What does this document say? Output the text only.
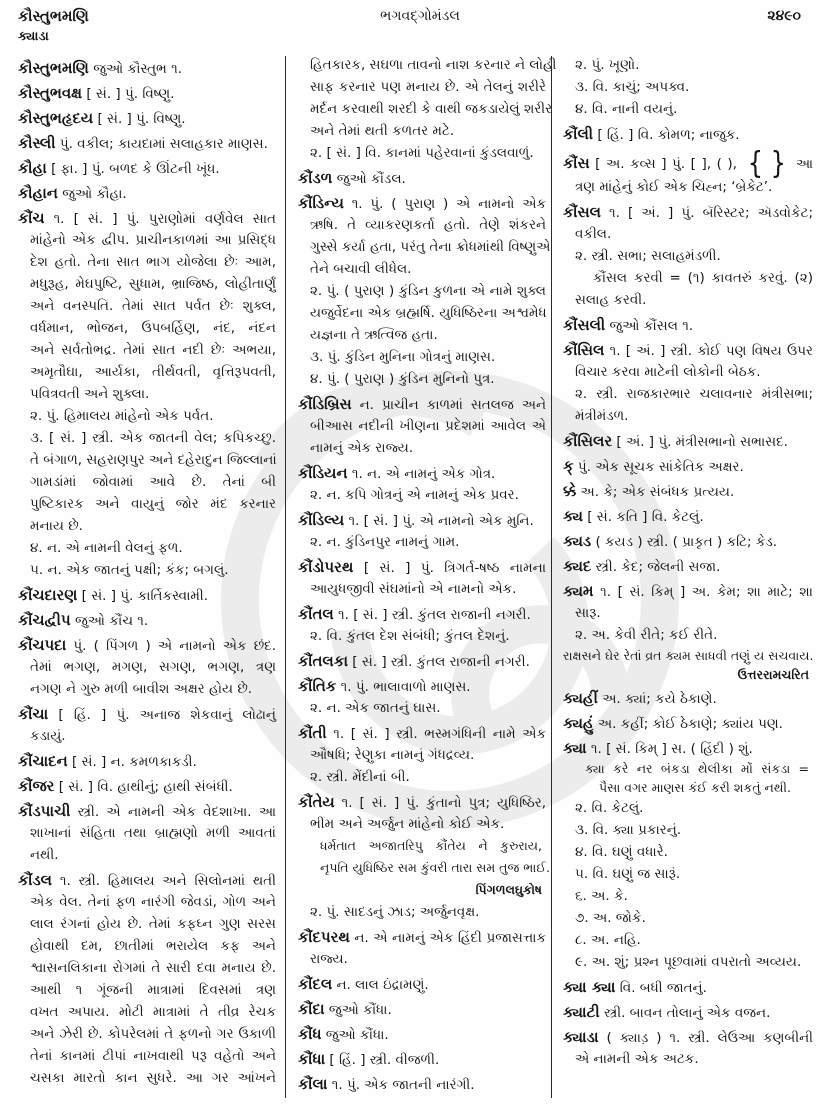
કૌસ્તુભમણિ
ક્યાડા
ભગવદ્ગોમંડલ	૨૪૯૦
કૌસ્તુભમણિ જુઓ કૌસ્તુભ ૧.
કૌસ્તુભવક્ષ [ સં. ] પું. વિષ્ણુ.
કૌસ્તુભહૃદય [ સં. ] પું. વિષ્ણુ.
કૌસ્લી પું. વકીલ; કાયદામાં સલાહકાર માણસ.
કૌહા [ ફા. ] પું. બળદ કે ઊંટની ખૂંધ.
કૌહાન જુઓ કૌહા.
કૌંચ ૧. [ સં. ] પું. પુરાણોમાં વર્ણવેલ સાત
માંહેનો એક દ્વીપ. પ્રાચીનકાળમાં આ પ્રસિદ્ધ
દેશ હતો. તેના સાત ભાગ યોજેલા છેઃ આમ,
મધુરૂહ, મેઘપુષ્ટિ, સુધામ, ભ્રાજિષ્ઠ, લોહીતાર્ણું
અને વનસ્પતિ. તેમાં સાત પર્વત છેઃ શુક્લ,
વર્ધમાન, ભોજન, ઉપબર્હિણ, નંદ, નંદન
અને સર્વતોભદ્ર. તેમાં સાત નદી છેઃ અભયા,
અમૃતૌઘા, આર્યકા, તીર્થવતી, વૃત્તિરૂપવતી,
પવિત્રવતી અને શુક્લા.
૨. પું. હિમાલય માંહેનો એક પર્વત.
૩. [ સં. ] સ્ત્રી. એક જાતની વેલ; કપિકચ્છુ.
તે બંગાળ, સહરાણપુર અને દહેરાદુન જિલ્લાનાં
ગામડાંમાં જોવામાં આવે છે. તેનાં બી
પુષ્ટિકારક અને વાયુનું જોર મંદ કરનાર
મનાય છે.
૪. ન. એ નામની વેલનું ફળ.
૫. ન. એક જાતનું પક્ષી; કંક; બગલું.
કૌંચદારણ [ સં. ] પું. કાર્તિકસ્વામી.
કૌંચદ્વીપ જુઓ કૌંચ ૧.
કૌંચપદા પું. ( પિંગળ ) એ નામનો એક છંદ.
તેમાં ભગણ, મગણ, સગણ, ભગણ, ત્રણ
નગણ ને ગુરુ મળી બાવીશ અક્ષર હોય છે.
કૌંચા [ હિં. ] પું. અનાજ શેકવાનું લોઢાનું
કડાયું.
કૌંચાદન [ સં. ] ન. કમળકાકડી.
કૌંજર [ સં. ] વિ. હાથીનું; હાથી સંબંધી.
કૌંડપાચી સ્ત્રી. એ નામની એક વેદશાખા. આ
શાખાનાં સંહિતા તથા બ્રાહ્મણો મળી આવતાં
નથી.
કૌંડલ ૧. સ્ત્રી. હિમાલય અને સિલોનમાં થતી
એક વેલ. તેનાં ફળ નારંગી જેવડાં, ગોળ અને
લાલ રંગનાં હોય છે. તેમાં કફઘ્ન ગુણ સરસ
હોવાથી દમ, છાતીમાં ભરાયેલ કફ અને
શ્વાસનલિકાના રોગમાં તે સારી દવા મનાય છે.
આથી ૧ ગૂંજની માત્રામાં દિવસમાં ત્રણ
વખત અપાય. મોટી માત્રામાં તે તીવ્ર રેચક
અને ઝેરી છે. કોપરેલમાં તે ફળનો ગર ઉકાળી
તેનાં કાનમાં ટીપાં નાખવાથી પરૂ વહેતો અને
ચસકા મારતો કાન સુધરે. આ ગર આંખને
હિતકારક, સઘળા તાવનો નાશ કરનાર ને લોહી
સાફ કરનાર પણ મનાય છે. એ તેલનું શરીરે
મર્દન કરવાથી શરદી કે વાથી જકડાયેલું શરીર
અને તેમાં થતી કળતર મટે.
૨. [ સં. ] વિ. કાનમાં પહેરવાનાં કુંડલવાળું.
કૌંડળ જુઓ કૌંડલ.
કૌંડિન્ય ૧. પું. ( પુરાણ ) એ નામનો એક
ઋષિ. તે વ્યાકરણકર્તા હતો. તેણે શંકરને
ગુસ્સે કર્યા હતા, પરંતુ તેના ક્રોધમાંથી વિષ્ણુએ
તેને બચાવી લીધેલ.
૨. પું. ( પુરાણ ) કુંડિન કુળના એ નામે શુક્લ
યજુર્વેદના એક બ્રહ્મર્ષિ. યુધિષ્ઠિરના અશ્વમેધ
યજ્ઞના તે ઋત્વિજ હતા.
૩. પું. કુંડિન મુનિના ગોત્રનું માણસ.
૪. પું. ( પુરાણ ) કુંડિન મુનિનો પુત્ર.
કૌંડિબ્રિસ ન. પ્રાચીન કાળમાં સતલજ અને
બીઆસ નદીની ખીણના પ્રદેશમાં આવેલ એ
નામનું એક રાજ્ય.
કૌંડિયન ૧. ન. એ નામનું એક ગોત્ર.
૨. ન. કપિ ગોત્રનું એ નામનું એક પ્રવર.
કૌંડિલ્ય ૧. [ સં. ] પું. એ નામનો એક મુનિ.
૨. ન. કુંડિનપુર નામનું ગામ.
કૌંડોપરથ [ સં. ] પું. ત્રિગર્ત-ષષ્ઠ નામના
આયુધજીવી સંઘમાંનો એ નામનો એક.
કૌંતલ ૧. [ સં. ] સ્ત્રી. કુંતલ રાજાની નગરી.
૨. વિ. કુંતલ દેશ સંબંધી; કુંતલ દેશનું.
કૌંતલકા [ સં. ] સ્ત્રી. કુંતલ રાજાની નગરી.
કૌંતિક ૧. પું. ભાલાવાળો માણસ.
૨. ન. એક જાતનું ઘાસ.
કૌંતી ૧. [ સં. ] સ્ત્રી. ભસ્મગંધિની નામે એક
ઔષધિ; રેણુકા નામનું ગંધદ્રવ્ય.
૨. સ્ત્રી. મેંદીનાં બી.
કૌંતેય ૧. [ સં. ] પું. કુંતાનો પુત્ર; યુધિષ્ઠિર,
ભીમ અને અર્જુન માંહેનો કોઈ એક.
ધર્મતાત અજાતરિપુ કૌંતેય ને કુરુરાય,
નૃપતિ યુધિષ્ઠિર સમ કુંવરી તારા સમ તુજ ભાઈ.
પિંગળલઘુકોષ
૨. પું. સાદડનું ઝાડ; અર્જુનવૃક્ષ.
કૌંદપરથ ન. એ નામનું એક હિંદી પ્રજાસત્તાક
રાજ્ય.
કૌંદલ ન. લાલ ઇંદ્રામણું.
કૌંદા જુઓ કૌંધા.
કૌંધ જુઓ કૌંધા.
કૌંધા [ હિં. ] સ્ત્રી. વીજળી.
કૌંલા ૧. પું. એક જાતની નારંગી.
૨. પું. ખૂણો.
૩. વિ. કાચું; અપક્વ.
૪. વિ. નાની વયનું.
કૌંલી [ હિં. ] વિ. કોમળ; નાજુક.
કૌંસ [ અ. કવ્સ ] પું. [ ], ( ), { } આ
ત્રણ માંહેનું કોઈ એક ચિહ્ન; ‘બ્રેકેટ’.
કૌંસલ ૧. [ અં. ] પું. બૅરિસ્ટર; ઍડવોકેટ;
વકીલ.
૨. સ્ત્રી. સભા; સલાહમંડળી.
કૌંસલ કરવી = (૧) કાવતરું કરવું. (૨)
સલાહ કરવી.
કૌંસલી જુઓ કૌંસલ ૧.
કૌંસિલ ૧. [ અં. ] સ્ત્રી. કોઈ પણ વિષય ઉપર
વિચાર કરવા માટેની લોકોની બેઠક.
૨. સ્ત્રી. રાજકારભાર ચલાવનાર મંત્રીસભા;
મંત્રીમંડળ.
કૌંસિલર [ અં. ] પું. મંત્રીસભાનો સભાસદ.
ક્ પું. એક સૂચક સાંકેતિક અક્ષર.
ક્કે અ. કે; એક સંબંધક પ્રત્યય.
ક્ય [ સં. કતિ ] વિ. કેટલું.
ક્યડ ( કયડ ) સ્ત્રી. ( પ્રાકૃત ) કટિ; કેડ.
ક્યદ સ્ત્રી. કેદ; જેલની સજા.
ક્યમ ૧. [ સં. કિમ્ ] અ. કેમ; શા માટે; શા
સારૂ.
૨. અ. કેવી રીતે; કઈ રીતે.
રાક્ષસને ઘેર રેતાં વ્રત ક્યમ સાધવી તણું ય સચવાય.
ઉત્તરરામચરિત
ક્યહીં અ. ક્યાં; કયે ઠેકાણે.
ક્યહું અ. કહીં; કોઈ ઠેકાણે; ક્યાંય પણ.
ક્યા ૧. [ સં. કિમ્ ] સ. ( હિંદી ) શું.
ક્યા કરે નર બંકડા થેલીકા મોં સંકડા =
પૈસા વગર માણસ કંઈ કરી શકતું નથી.
૨. વિ. કેટલું.
૩. વિ. ક્યા પ્રકારનું.
૪. વિ. ઘણું વધારે.
૫. વિ. ઘણું જ સારૂં.
૬. અ. કે.
૭. અ. જોકે.
૮. અ. નહિ.
૯. અ. શું; પ્રશ્ન પૂછવામાં વપરાતો અવ્યય.
ક્યા ક્યા વિ. બધી જાતનું.
ક્યાટી સ્ત્રી. બાવન તોલાનું એક વજન.
ક્યાડા ( ક્યાડ઼ ) ૧. સ્ત્રી. લેઉઆ કણબીની
એ નામની એક અટક.
